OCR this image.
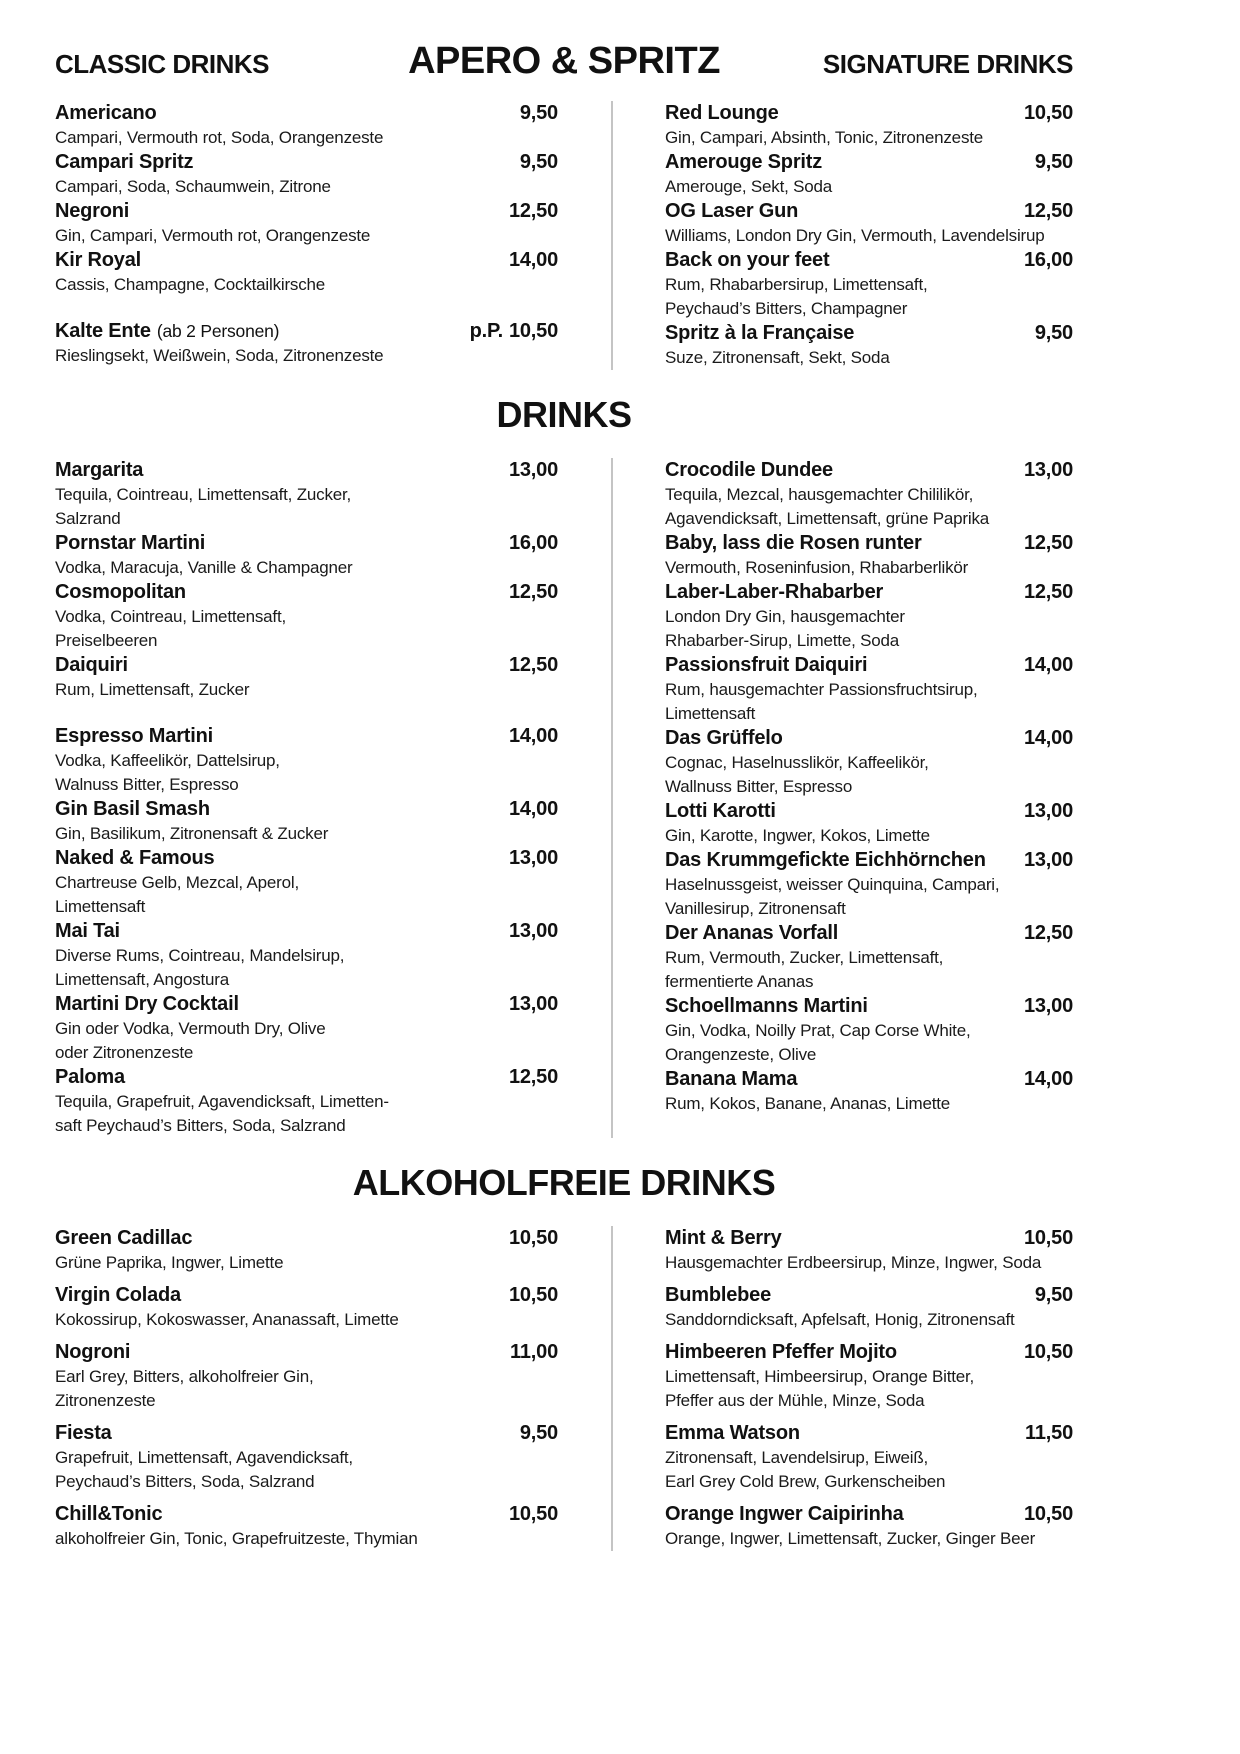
CLASSIC DRINKS	APERO & SPRITZ	SIGNATURE DRINKS
Americano	9,50
Campari, Vermouth rot, Soda, Orangenzeste
Campari Spritz	9,50
Campari, Soda, Schaumwein, Zitrone
Negroni	12,50
Gin, Campari, Vermouth rot, Orangenzeste
Kir Royal	14,00
Cassis, Champagne, Cocktailkirsche
Kalte Ente (ab 2 Personen)	p.P. 10,50
Rieslingsekt, Weißwein, Soda, Zitronenzeste
Red Lounge	10,50
Gin, Campari, Absinth, Tonic, Zitronenzeste
Amerouge Spritz	9,50
Amerouge, Sekt, Soda
OG Laser Gun	12,50
Williams, London Dry Gin, Vermouth, Lavendelsirup
Back on your feet	16,00
Rum, Rhabarbersirup, Limettensaft,
Peychaud’s Bitters, Champagner
Spritz à la Française	9,50
Suze, Zitronensaft, Sekt, Soda
DRINKS
Margarita	13,00
Tequila, Cointreau, Limettensaft, Zucker,
Salzrand
Pornstar Martini	16,00
Vodka, Maracuja, Vanille & Champagner
Cosmopolitan	12,50
Vodka, Cointreau, Limettensaft,
Preiselbeeren
Daiquiri	12,50
Rum, Limettensaft, Zucker
Espresso Martini	14,00
Vodka, Kaffeelikör, Dattelsirup,
Walnuss Bitter, Espresso
Gin Basil Smash	14,00
Gin, Basilikum, Zitronensaft & Zucker
Naked & Famous	13,00
Chartreuse Gelb, Mezcal, Aperol,
Limettensaft
Mai Tai	13,00
Diverse Rums, Cointreau, Mandelsirup,
Limettensaft, Angostura
Martini Dry Cocktail	13,00
Gin oder Vodka, Vermouth Dry, Olive
oder Zitronenzeste
Paloma	12,50
Tequila, Grapefruit, Agavendicksaft, Limetten-
saft Peychaud’s Bitters, Soda, Salzrand
Crocodile Dundee	13,00
Tequila, Mezcal, hausgemachter Chililikör,
Agavendicksaft, Limettensaft, grüne Paprika
Baby, lass die Rosen runter	12,50
Vermouth, Roseninfusion, Rhabarberlikör
Laber-Laber-Rhabarber	12,50
London Dry Gin, hausgemachter
Rhabarber-Sirup, Limette, Soda
Passionsfruit Daiquiri	14,00
Rum, hausgemachter Passionsfruchtsirup,
Limettensaft
Das Grüffelo	14,00
Cognac, Haselnusslikör, Kaffeelikör,
Wallnuss Bitter, Espresso
Lotti Karotti	13,00
Gin, Karotte, Ingwer, Kokos, Limette
Das Krummgefickte Eichhörnchen 13,00
Haselnussgeist, weisser Quinquina, Campari,
Vanillesirup, Zitronensaft
Der Ananas Vorfall	12,50
Rum, Vermouth, Zucker, Limettensaft,
fermentierte Ananas
Schoellmanns Martini	13,00
Gin, Vodka, Noilly Prat, Cap Corse White,
Orangenzeste, Olive
Banana Mama	14,00
Rum, Kokos, Banane, Ananas, Limette
ALKOHOLFREIE DRINKS
Green Cadillac	10,50
Grüne Paprika, Ingwer, Limette
Virgin Colada	10,50
Kokossirup, Kokoswasser, Ananassaft, Limette
Nogroni	11,00
Earl Grey, Bitters, alkoholfreier Gin,
Zitronenzeste
Fiesta	9,50
Grapefruit, Limettensaft, Agavendicksaft,
Peychaud’s Bitters, Soda, Salzrand
Chill&Tonic	10,50
alkoholfreier Gin, Tonic, Grapefruitzeste, Thymian
Mint & Berry	10,50
Hausgemachter Erdbeersirup, Minze, Ingwer, Soda
Bumblebee	9,50
Sanddorndicksaft, Apfelsaft, Honig, Zitronensaft
Himbeeren Pfeffer Mojito	10,50
Limettensaft, Himbeersirup, Orange Bitter,
Pfeffer aus der Mühle, Minze, Soda
Emma Watson	11,50
Zitronensaft, Lavendelsirup, Eiweiß,
Earl Grey Cold Brew, Gurkenscheiben
Orange Ingwer Caipirinha	10,50
Orange, Ingwer, Limettensaft, Zucker, Ginger Beer
